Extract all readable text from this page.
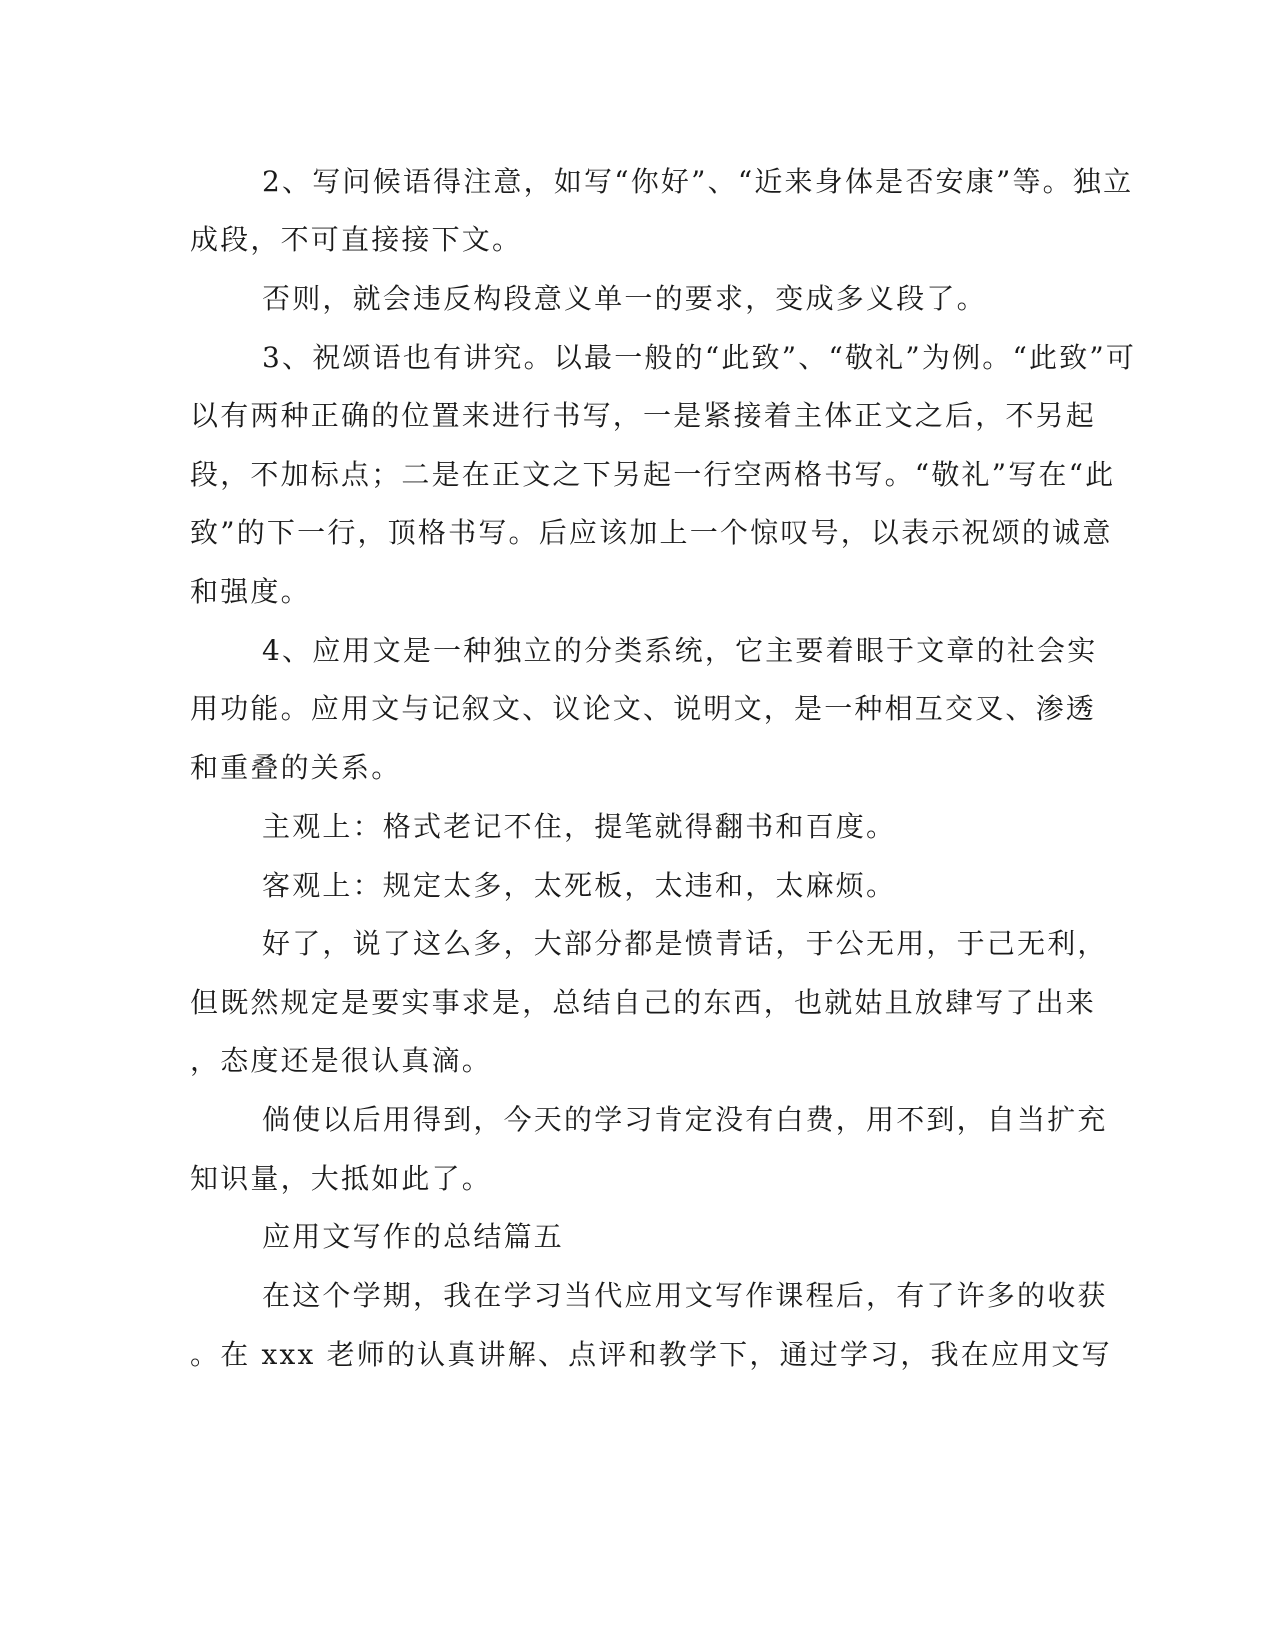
2、写问候语得注意，如写“你好”、“近来身体是否安康”等。独立
成段，不可直接接下文。
否则，就会违反构段意义单一的要求，变成多义段了。
3、祝颂语也有讲究。以最一般的“此致”、“敬礼”为例。“此致”可
以有两种正确的位置来进行书写，一是紧接着主体正文之后，不另起
段，不加标点；二是在正文之下另起一行空两格书写。“敬礼”写在“此
致”的下一行，顶格书写。后应该加上一个惊叹号，以表示祝颂的诚意
和强度。
4、应用文是一种独立的分类系统，它主要着眼于文章的社会实
用功能。应用文与记叙文、议论文、说明文，是一种相互交叉、渗透
和重叠的关系。
主观上：格式老记不住，提笔就得翻书和百度。
客观上：规定太多，太死板，太违和，太麻烦。
好了，说了这么多，大部分都是愤青话，于公无用，于己无利，
但既然规定是要实事求是，总结自己的东西，也就姑且放肆写了出来
，态度还是很认真滴。
倘使以后用得到，今天的学习肯定没有白费，用不到，自当扩充
知识量，大抵如此了。
应用文写作的总结篇五
在这个学期，我在学习当代应用文写作课程后，有了许多的收获
。在 xxx 老师的认真讲解、点评和教学下，通过学习，我在应用文写
